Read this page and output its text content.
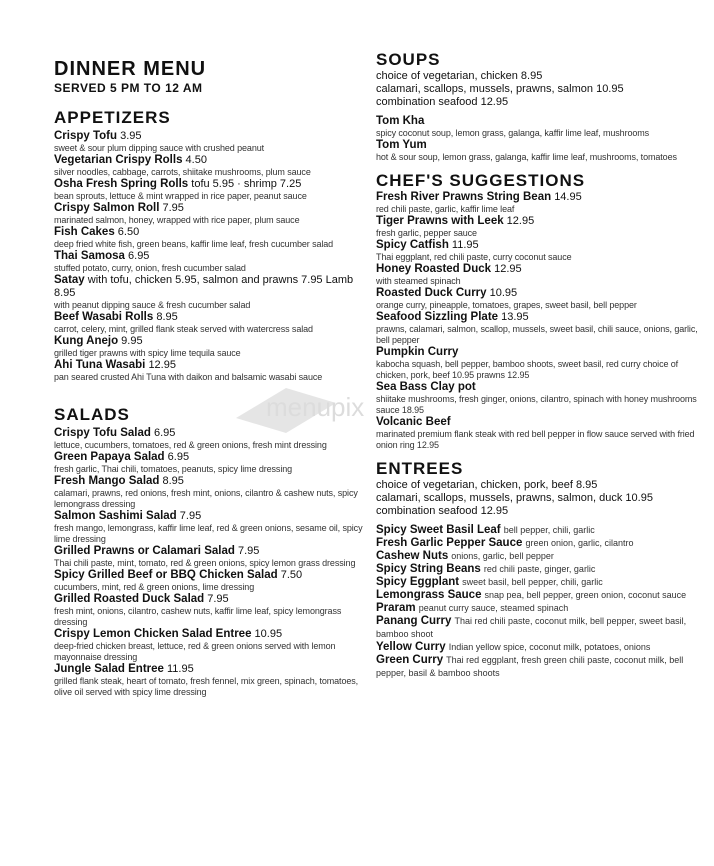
DINNER MENU
SERVED 5 PM TO 12 AM
APPETIZERS
Crispy Tofu 3.95
sweet & sour plum dipping sauce with crushed peanut
Vegetarian Crispy Rolls 4.50
silver noodles, cabbage, carrots, shiitake mushrooms, plum sauce
Osha Fresh Spring Rolls tofu 5.95 · shrimp 7.25
bean sprouts, lettuce & mint wrapped in rice paper, peanut sauce
Crispy Salmon Roll 7.95
marinated salmon, honey, wrapped with rice paper, plum sauce
Fish Cakes 6.50
deep fried white fish, green beans, kaffir lime leaf, fresh cucumber salad
Thai Samosa 6.95
stuffed potato, curry, onion, fresh cucumber salad
Satay with tofu, chicken 5.95, salmon and prawns 7.95 Lamb 8.95
with peanut dipping sauce & fresh cucumber salad
Beef Wasabi Rolls 8.95
carrot, celery, mint, grilled flank steak served with watercress salad
Kung Anejo 9.95
grilled tiger prawns with spicy lime tequila sauce
Ahi Tuna Wasabi 12.95
pan seared crusted Ahi Tuna with daikon and balsamic wasabi sauce
SALADS
Crispy Tofu Salad 6.95
lettuce, cucumbers, tomatoes, red & green onions, fresh mint dressing
Green Papaya Salad 6.95
fresh garlic, Thai chili, tomatoes, peanuts, spicy lime dressing
Fresh Mango Salad 8.95
calamari, prawns, red onions, fresh mint, onions, cilantro & cashew nuts, spicy lemongrass dressing
Salmon Sashimi Salad 7.95
fresh mango, lemongrass, kaffir lime leaf, red & green onions, sesame oil, spicy lime dressing
Grilled Prawns or Calamari Salad 7.95
Thai chili paste, mint, tomato, red & green onions, spicy lemon grass dressing
Spicy Grilled Beef or BBQ Chicken Salad 7.50
cucumbers, mint, red & green onions, lime dressing
Grilled Roasted Duck Salad 7.95
fresh mint, onions, cilantro, cashew nuts, kaffir lime leaf, spicy lemongrass dressing
Crispy Lemon Chicken Salad Entree 10.95
deep-fried chicken breast, lettuce, red & green onions served with lemon mayonnaise dressing
Jungle Salad Entree 11.95
grilled flank steak, heart of tomato, fresh fennel, mix green, spinach, tomatoes, olive oil served with spicy lime dressing
SOUPS
choice of vegetarian, chicken 8.95
calamari, scallops, mussels, prawns, salmon 10.95
combination seafood 12.95
Tom Kha
spicy coconut soup, lemon grass, galanga, kaffir lime leaf, mushrooms
Tom Yum
hot & sour soup, lemon grass, galanga, kaffir lime leaf, mushrooms, tomatoes
CHEF'S SUGGESTIONS
Fresh River Prawns String Bean 14.95
red chili paste, garlic, kaffir lime leaf
Tiger Prawns with Leek 12.95
fresh garlic, pepper sauce
Spicy Catfish 11.95
Thai eggplant, red chili paste, curry coconut sauce
Honey Roasted Duck 12.95
with steamed spinach
Roasted Duck Curry 10.95
orange curry, pineapple, tomatoes, grapes, sweet basil, bell pepper
Seafood Sizzling Plate 13.95
prawns, calamari, salmon, scallop, mussels, sweet basil, chili sauce, onions, garlic, bell pepper
Pumpkin Curry
kabocha squash, bell pepper, bamboo shoots, sweet basil, red curry choice of chicken, pork, beef 10.95 prawns 12.95
Sea Bass Clay pot
shiitake mushrooms, fresh ginger, onions, cilantro, spinach with honey mushrooms sauce 18.95
Volcanic Beef
marinated premium flank steak with red bell pepper in flow sauce served with fried onion ring 12.95
ENTREES
choice of vegetarian, chicken, pork, beef 8.95
calamari, scallops, mussels, prawns, salmon, duck 10.95
combination seafood 12.95
Spicy Sweet Basil Leaf bell pepper, chili, garlic
Fresh Garlic Pepper Sauce green onion, garlic, cilantro
Cashew Nuts onions, garlic, bell pepper
Spicy String Beans red chili paste, ginger, garlic
Spicy Eggplant sweet basil, bell pepper, chili, garlic
Lemongrass Sauce snap pea, bell pepper, green onion, coconut sauce
Praram peanut curry sauce, steamed spinach
Panang Curry Thai red chili paste, coconut milk, bell pepper, sweet basil, bamboo shoot
Yellow Curry Indian yellow spice, coconut milk, potatoes, onions
Green Curry Thai red eggplant, fresh green chili paste, coconut milk, bell pepper, basil & bamboo shoots
menupix
